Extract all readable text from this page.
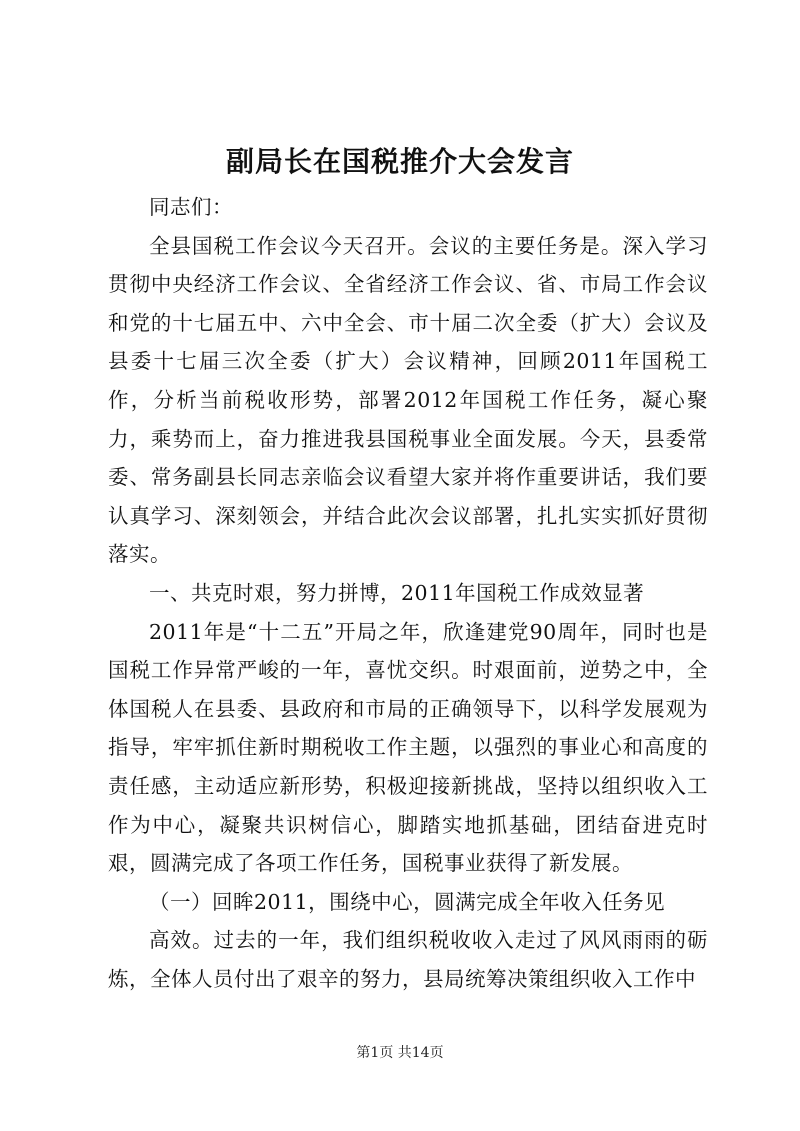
副局长在国税推介大会发言

同志们：

全县国税工作会议今天召开。会议的主要任务是。深入学习贯彻中央经济工作会议、全省经济工作会议、省、市局工作会议和党的十七届五中、六中全会、市十届二次全委（扩大）会议及县委十七届三次全委（扩大）会议精神，回顾2011年国税工作，分析当前税收形势，部署2012年国税工作任务，凝心聚力，乘势而上，奋力推进我县国税事业全面发展。今天，县委常委、常务副县长同志亲临会议看望大家并将作重要讲话，我们要认真学习、深刻领会，并结合此次会议部署，扎扎实实抓好贯彻落实。

一、共克时艰，努力拼博，2011年国税工作成效显著

2011年是“十二五”开局之年，欣逢建党90周年，同时也是国税工作异常严峻的一年，喜忧交织。时艰面前，逆势之中，全体国税人在县委、县政府和市局的正确领导下，以科学发展观为指导，牢牢抓住新时期税收工作主题，以强烈的事业心和高度的责任感，主动适应新形势，积极迎接新挑战，坚持以组织收入工作为中心，凝聚共识树信心，脚踏实地抓基础，团结奋进克时艰，圆满完成了各项工作任务，国税事业获得了新发展。

（一）回眸2011，围绕中心，圆满完成全年收入任务见

高效。过去的一年，我们组织税收收入走过了风风雨雨的砺炼，全体人员付出了艰辛的努力，县局统筹决策组织收入工作中

第1页 共14页
